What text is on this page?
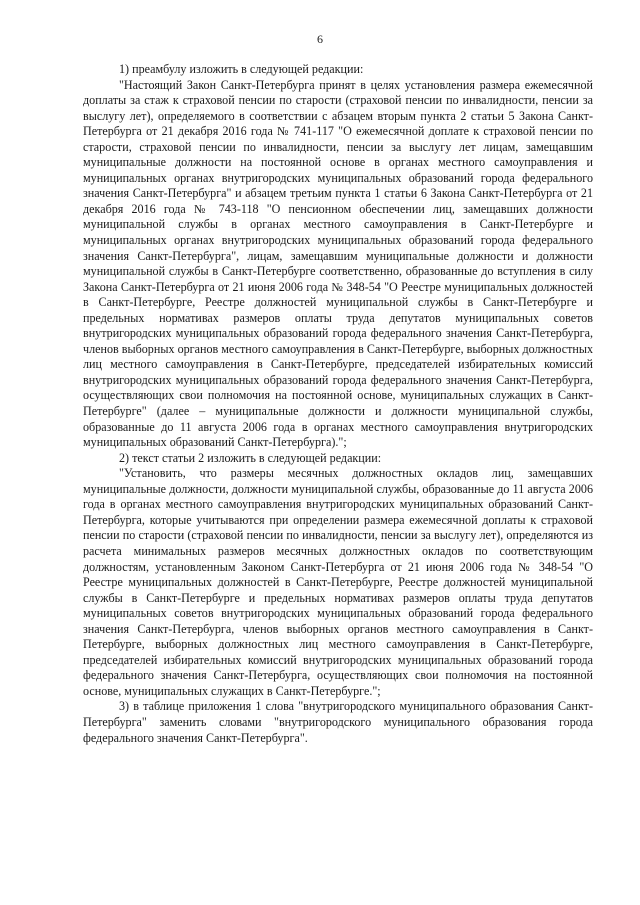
6

1) преамбулу изложить в следующей редакции:

"Настоящий Закон Санкт-Петербурга принят в целях установления размера ежемесячной доплаты за стаж к страховой пенсии по старости (страховой пенсии по инвалидности, пенсии за выслугу лет), определяемого в соответствии с абзацем вторым пункта 2 статьи 5 Закона Санкт-Петербурга от 21 декабря 2016 года № 741-117 "О ежемесячной доплате к страховой пенсии по старости, страховой пенсии по инвалидности, пенсии за выслугу лет лицам, замещавшим муниципальные должности на постоянной основе в органах местного самоуправления и муниципальных органах внутригородских муниципальных образований города федерального значения Санкт-Петербурга" и абзацем третьим пункта 1 статьи 6 Закона Санкт-Петербурга от 21 декабря 2016 года № 743-118 "О пенсионном обеспечении лиц, замещавших должности муниципальной службы в органах местного самоуправления в Санкт-Петербурге и муниципальных органах внутригородских муниципальных образований города федерального значения Санкт-Петербурга", лицам, замещавшим муниципальные должности и должности муниципальной службы в Санкт-Петербурге соответственно, образованные до вступления в силу Закона Санкт-Петербурга от 21 июня 2006 года № 348-54 "О Реестре муниципальных должностей в Санкт-Петербурге, Реестре должностей муниципальной службы в Санкт-Петербурге и предельных нормативах размеров оплаты труда депутатов муниципальных советов внутригородских муниципальных образований города федерального значения Санкт-Петербурга, членов выборных органов местного самоуправления в Санкт-Петербурге, выборных должностных лиц местного самоуправления в Санкт-Петербурге, председателей избирательных комиссий внутригородских муниципальных образований города федерального значения Санкт-Петербурга, осуществляющих свои полномочия на постоянной основе, муниципальных служащих в Санкт-Петербурге" (далее – муниципальные должности и должности муниципальной службы, образованные до 11 августа 2006 года в органах местного самоуправления внутригородских муниципальных образований Санкт-Петербурга).";

2) текст статьи 2 изложить в следующей редакции:

"Установить, что размеры месячных должностных окладов лиц, замещавших муниципальные должности, должности муниципальной службы, образованные до 11 августа 2006 года в органах местного самоуправления внутригородских муниципальных образований Санкт-Петербурга, которые учитываются при определении размера ежемесячной доплаты к страховой пенсии по старости (страховой пенсии по инвалидности, пенсии за выслугу лет), определяются из расчета минимальных размеров месячных должностных окладов по соответствующим должностям, установленным Законом Санкт-Петербурга от 21 июня 2006 года № 348-54 "О Реестре муниципальных должностей в Санкт-Петербурге, Реестре должностей муниципальной службы в Санкт-Петербурге и предельных нормативах размеров оплаты труда депутатов муниципальных советов внутригородских муниципальных образований города федерального значения Санкт-Петербурга, членов выборных органов местного самоуправления в Санкт-Петербурге, выборных должностных лиц местного самоуправления в Санкт-Петербурге, председателей избирательных комиссий внутригородских муниципальных образований города федерального значения Санкт-Петербурга, осуществляющих свои полномочия на постоянной основе, муниципальных служащих в Санкт-Петербурге.";

3) в таблице приложения 1 слова "внутригородского муниципального образования Санкт-Петербурга" заменить словами "внутригородского муниципального образования города федерального значения Санкт-Петербурга".
